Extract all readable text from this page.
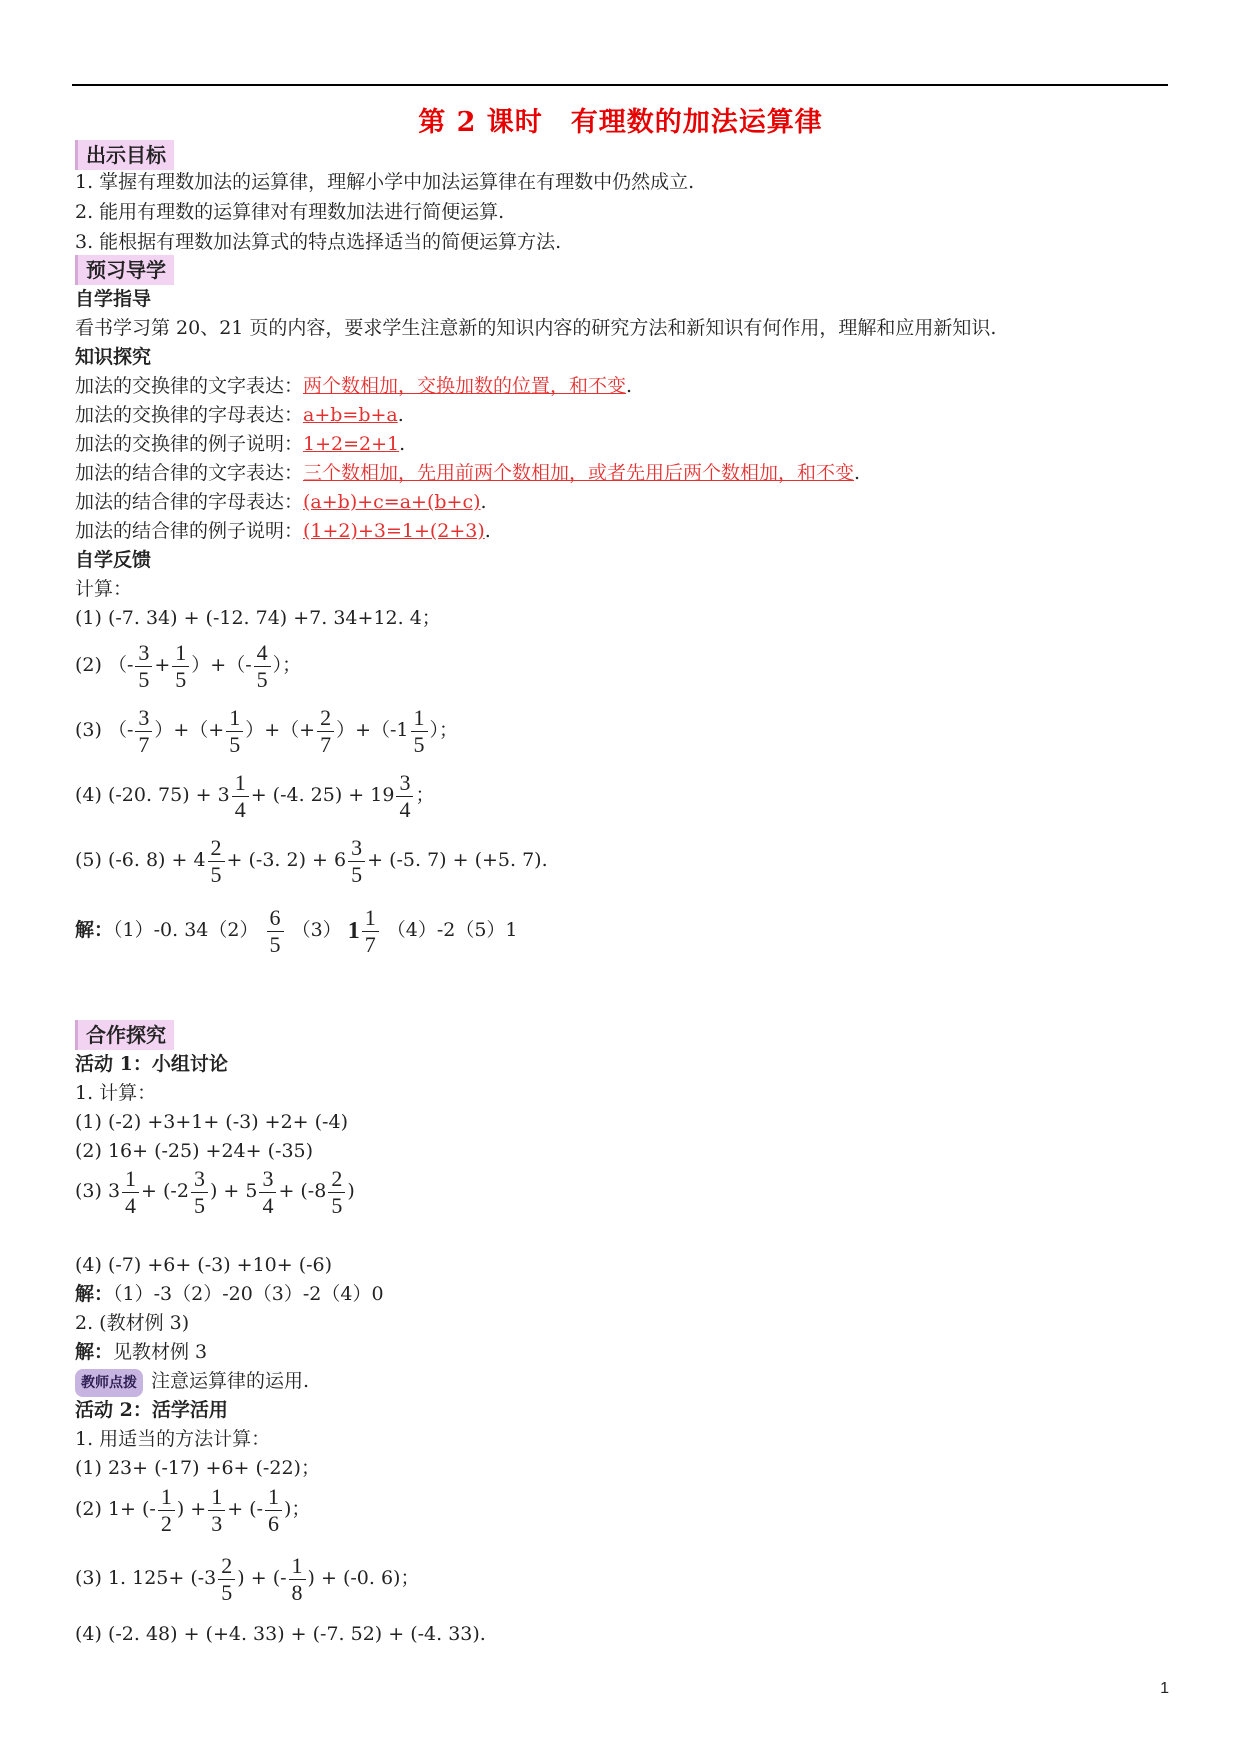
第 2 课时　有理数的加法运算律
出示目标
1. 掌握有理数加法的运算律，理解小学中加法运算律在有理数中仍然成立.
2. 能用有理数的运算律对有理数加法进行简便运算.
3. 能根据有理数加法算式的特点选择适当的简便运算方法.
预习导学
自学指导
看书学习第 20、21 页的内容，要求学生注意新的知识内容的研究方法和新知识有何作用，理解和应用新知识.
知识探究
加法的交换律的文字表达：两个数相加，交换加数的位置，和不变.
加法的交换律的字母表达：a+b=b+a.
加法的交换律的例子说明：1+2=2+1.
加法的结合律的文字表达：三个数相加，先用前两个数相加，或者先用后两个数相加，和不变.
加法的结合律的字母表达：(a+b)+c=a+(b+c).
加法的结合律的例子说明：(1+2)+3=1+(2+3).
自学反馈
计算：
(1) (-7. 34) + (-12. 74) +7. 34+12. 4；
(2) （- $\frac{3}{5} + \frac{1}{5}$ ）+（- $\frac{4}{5}$ ）；
(3) （- $\frac{3}{7}$ ）+（+ $\frac{1}{5}$ ）+（+ $\frac{2}{7} )+(-1 \frac{1}{5}$ ）；
(4) (-20. $75) + 3 \frac{1}{4} + (-4$. $25) + 19 \frac{3}{4}$ ；
(5) (-6. $8) + 4 \frac{2}{5} + (-3$. $2) + 6 \frac{3}{5} + (-5$. 7) + (+5. 7).
解：（1）-0. $34(2) \frac{6}{5} (3)$ $1 \frac{1}{7} (4)-2(5)1$
合作探究
活动 1：小组讨论
1. 计算：
(1) (-2) +3+1+ (-3) +2+ (-4)
(2) 16+ (-25) +24+ (-35)
(3) $3 \frac{1}{4} + (-2 \frac{3}{5}$ ) + $5 \frac{3}{4} + (-8 \frac{2}{5}$ )
(4) (-7) +6+ (-3) +10+ (-6)
解：（1）-3（2）-20（3）-2（4）0
2. (教材例 3)
解：见教材例 3
教师点拨 注意运算律的运用.
活动 2：活学活用
1. 用适当的方法计算：
(1) 23+ (-17) +6+ (-22)；
(2) 1+ (- $\frac{1}{2}$ ) + $\frac{1}{3}$ + (- $\frac{1}{6}$ )；
(3) 1. $125+ (-3 \frac{2}{5}$ ) + (- $\frac{1}{8}$ ) + (-0. 6)；
(4) (-2. 48) + (+4. 33) + (-7. 52) + (-4. 33).
1
